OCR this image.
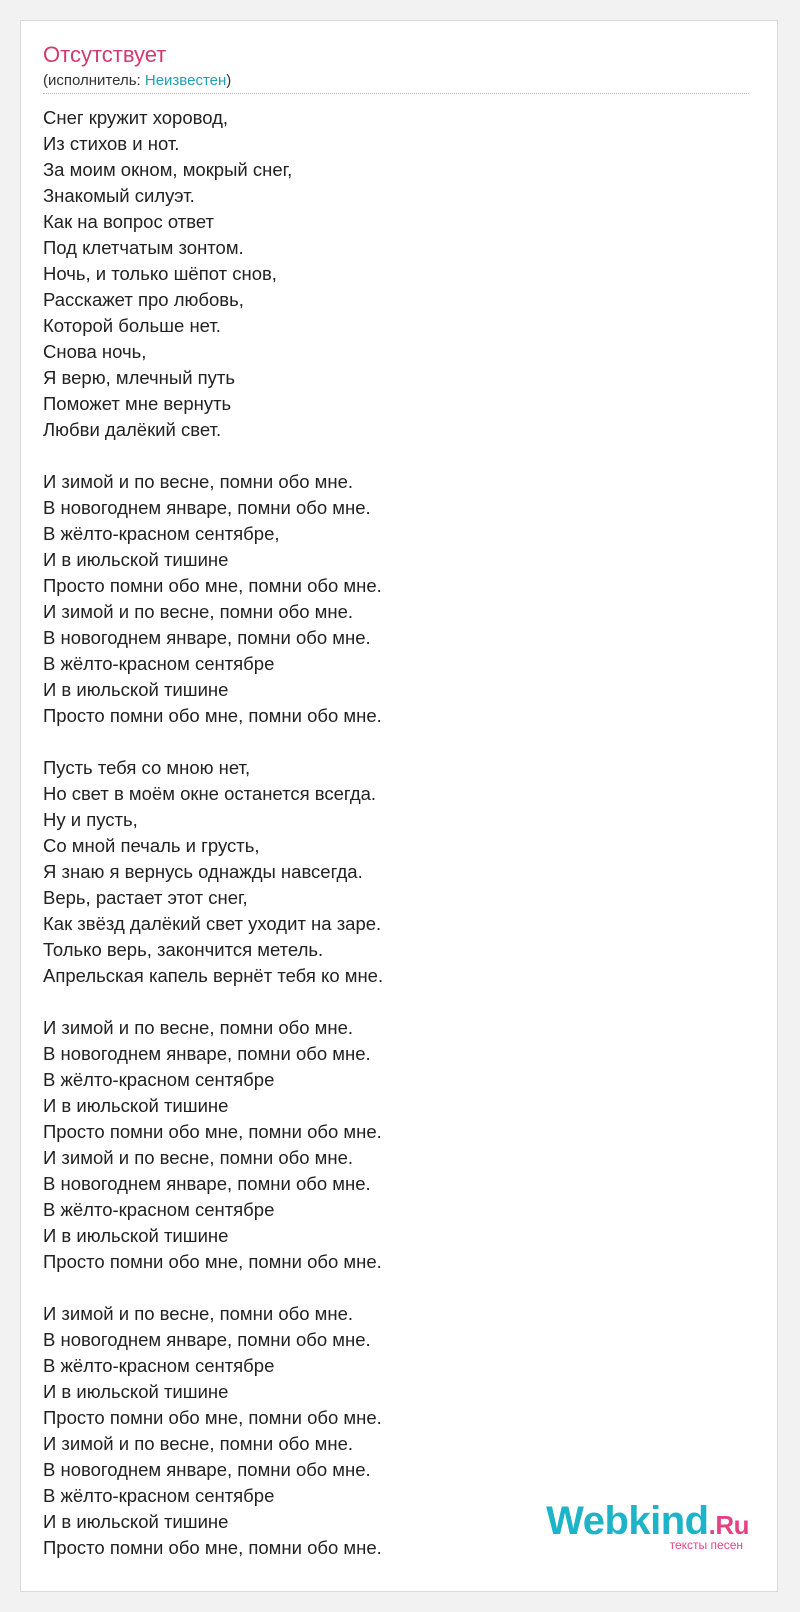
Отсутствует
(исполнитель: Неизвестен)
Снег кружит хоровод,
Из стихов и нот.
За моим окном, мокрый снег,
Знакомый силуэт.
Как на вопрос ответ
Под клетчатым зонтом.
Ночь, и только шёпот снов,
Расскажет про любовь,
Которой больше нет.
Снова ночь,
Я верю, млечный путь
Поможет мне вернуть
Любви далёкий свет.
И зимой и по весне, помни обо мне.
В новогоднем январе, помни обо мне.
В жёлто-красном сентябре,
И в июльской тишине
Просто помни обо мне, помни обо мне.
И зимой и по весне, помни обо мне.
В новогоднем январе, помни обо мне.
В жёлто-красном сентябре
И в июльской тишине
Просто помни обо мне, помни обо мне.
Пусть тебя со мною нет,
Но свет в моём окне останется всегда.
Ну и пусть,
Со мной печаль и грусть,
Я знаю я вернусь однажды навсегда.
Верь, растает этот снег,
Как звёзд далёкий свет уходит на заре.
Только верь, закончится метель.
Апрельская капель вернёт тебя ко мне.
И зимой и по весне, помни обо мне.
В новогоднем январе, помни обо мне.
В жёлто-красном сентябре
И в июльской тишине
Просто помни обо мне, помни обо мне.
И зимой и по весне, помни обо мне.
В новогоднем январе, помни обо мне.
В жёлто-красном сентябре
И в июльской тишине
Просто помни обо мне, помни обо мне.
И зимой и по весне, помни обо мне.
В новогоднем январе, помни обо мне.
В жёлто-красном сентябре
И в июльской тишине
Просто помни обо мне, помни обо мне.
И зимой и по весне, помни обо мне.
В новогоднем январе, помни обо мне.
В жёлто-красном сентябре
И в июльской тишине
Просто помни обо мне, помни обо мне.
Webkind.Ru
тексты песен
